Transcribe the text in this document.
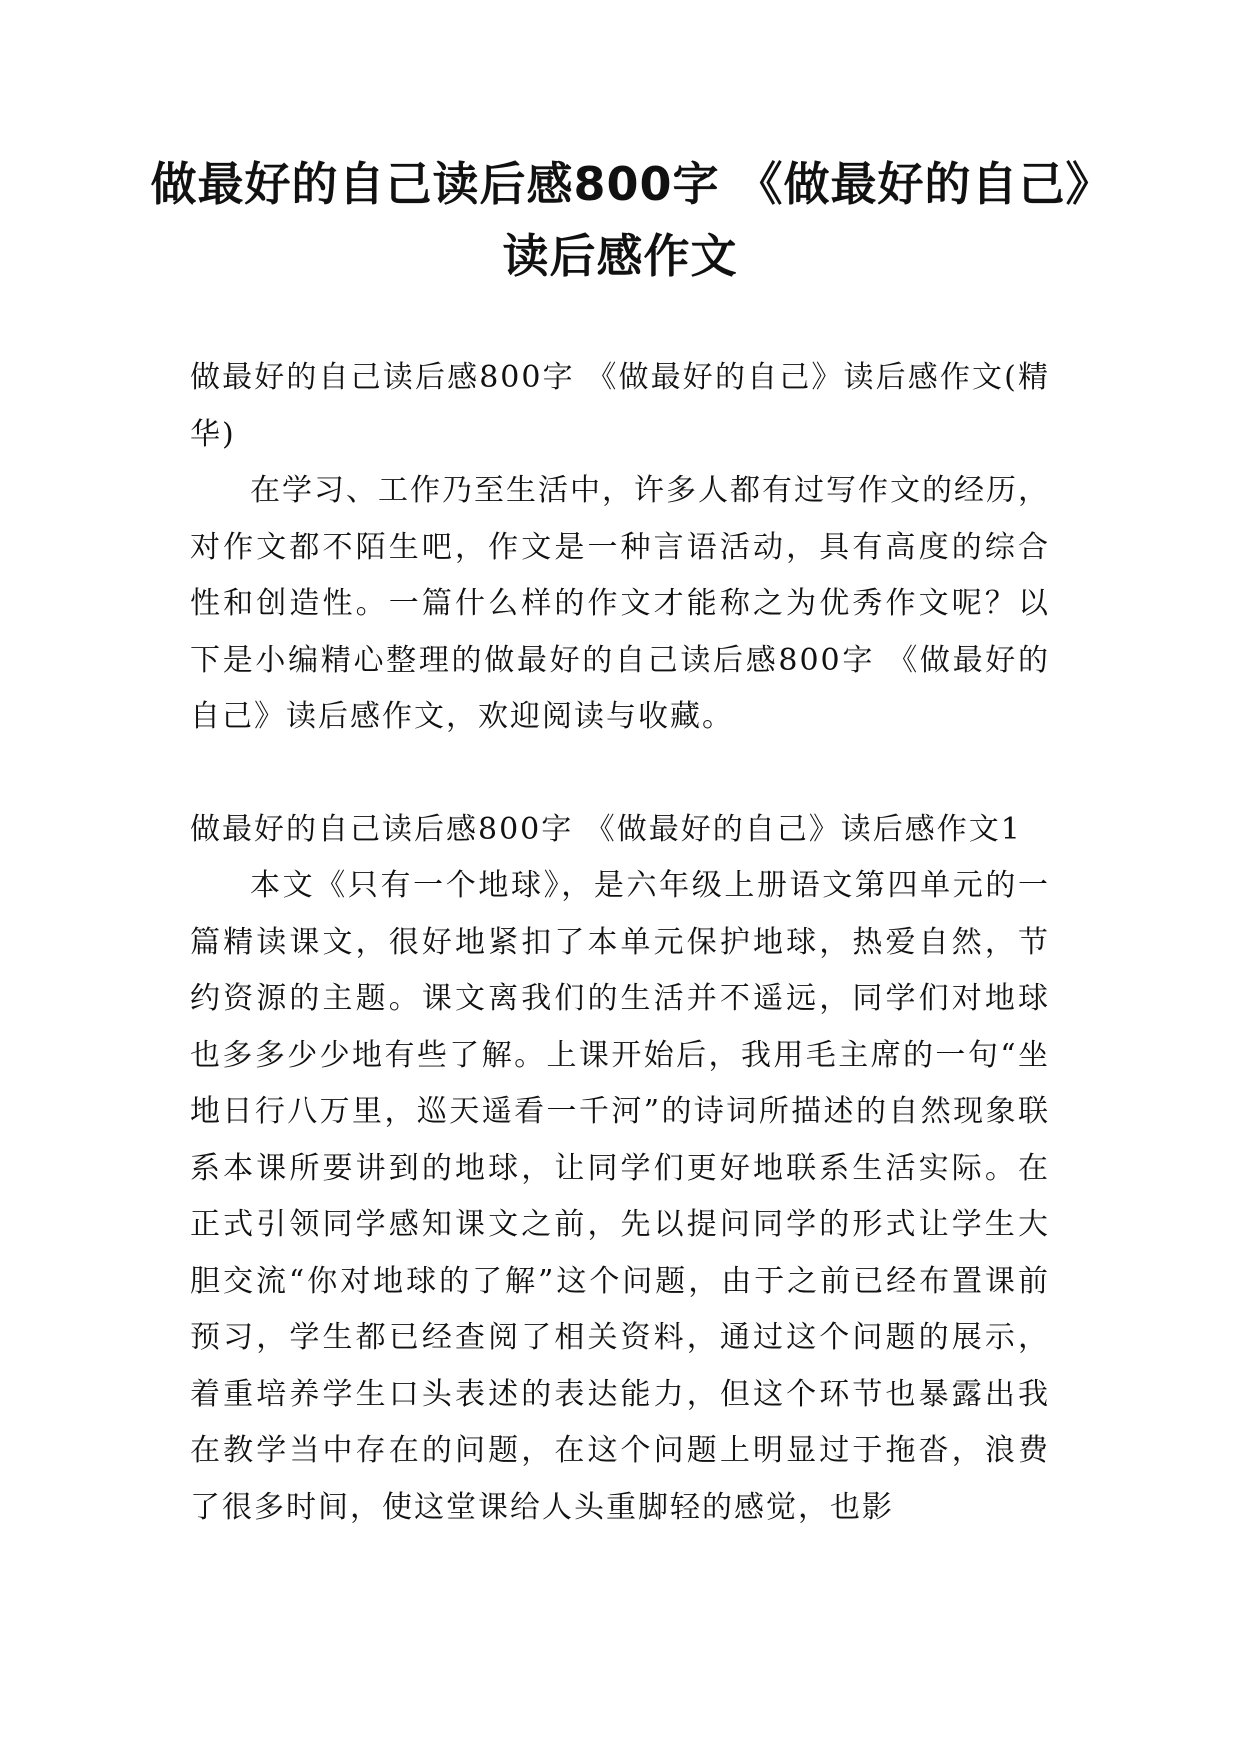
做最好的自己读后感800字 《做最好的自己》读后感作文

做最好的自己读后感800字 《做最好的自己》读后感作文(精华)

在学习、工作乃至生活中，许多人都有过写作文的经历，对作文都不陌生吧，作文是一种言语活动，具有高度的综合性和创造性。一篇什么样的作文才能称之为优秀作文呢？以下是小编精心整理的做最好的自己读后感800字 《做最好的自己》读后感作文，欢迎阅读与收藏。

做最好的自己读后感800字 《做最好的自己》读后感作文1

本文《只有一个地球》，是六年级上册语文第四单元的一篇精读课文，很好地紧扣了本单元保护地球，热爱自然，节约资源的主题。课文离我们的生活并不遥远，同学们对地球也多多少少地有些了解。上课开始后，我用毛主席的一句“坐地日行八万里，巡天遥看一千河”的诗词所描述的自然现象联系本课所要讲到的地球，让同学们更好地联系生活实际。在正式引领同学感知课文之前，先以提问同学的形式让学生大胆交流“你对地球的了解”这个问题，由于之前已经布置课前预习，学生都已经查阅了相关资料，通过这个问题的展示，着重培养学生口头表述的表达能力，但这个环节也暴露出我在教学当中存在的问题，在这个问题上明显过于拖沓，浪费了很多时间，使这堂课给人头重脚轻的感觉，也影
